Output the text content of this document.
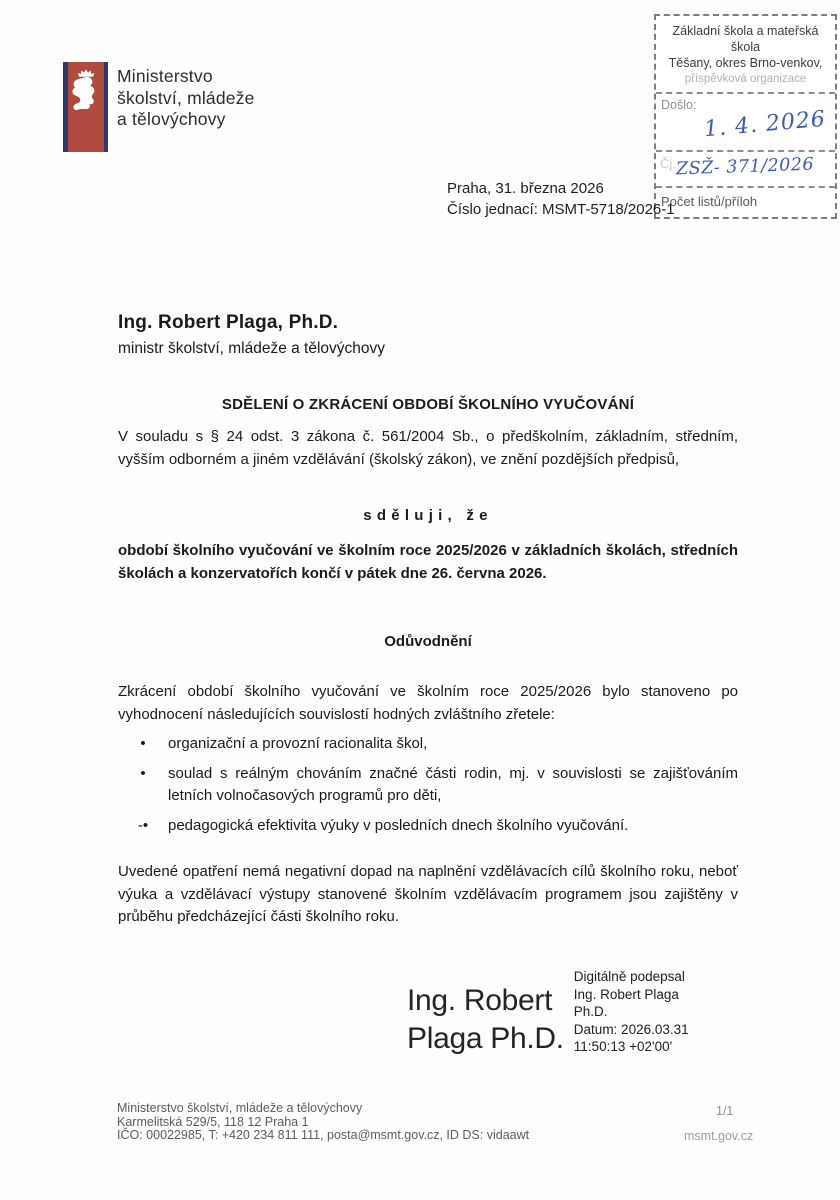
Ministerstvo
školství, mládeže
a tělovýchovy
Základní škola a mateřská škola
Těšany, okres Brno-venkov,
příspěvková organizace
Došlo:
1. 4. 2026
Čj. ZSŽ- 371/2026
Počet listů/příloh
Praha, 31. března 2026
Číslo jednací: MSMT-5718/2026-1
Ing. Robert Plaga, Ph.D.
ministr školství, mládeže a tělovýchovy
SDĚLENÍ O ZKRÁCENÍ OBDOBÍ ŠKOLNÍHO VYUČOVÁNÍ
V souladu s § 24 odst. 3 zákona č. 561/2004 Sb., o předškolním, základním, středním, vyšším odborném a jiném vzdělávání (školský zákon), ve znění pozdějších předpisů,
sděluji, že
období školního vyučování ve školním roce 2025/2026 v základních školách, středních školách a konzervatořích končí v pátek dne 26. června 2026.
Odůvodnění
Zkrácení období školního vyučování ve školním roce 2025/2026 bylo stanoveno po vyhodnocení následujících souvislostí hodných zvláštního zřetele:
•	organizační a provozní racionalita škol,
•	soulad s reálným chováním značné části rodin, mj. v souvislosti se zajišťováním letních volnočasových programů pro děti,
-•	pedagogická efektivita výuky v posledních dnech školního vyučování.
Uvedené opatření nemá negativní dopad na naplnění vzdělávacích cílů školního roku, neboť výuka a vzdělávací výstupy stanovené školním vzdělávacím programem jsou zajištěny v průběhu předcházející části školního roku.
Ing. Robert
Plaga Ph.D.
Digitálně podepsal
Ing. Robert Plaga
Ph.D.
Datum: 2026.03.31
11:50:13 +02'00'
Ministerstvo školství, mládeže a tělovýchovy
Karmelitská 529/5, 118 12 Praha 1
IČO: 00022985, T: +420 234 811 111, posta@msmt.gov.cz, ID DS: vidaawt
1/1
msmt.gov.cz
